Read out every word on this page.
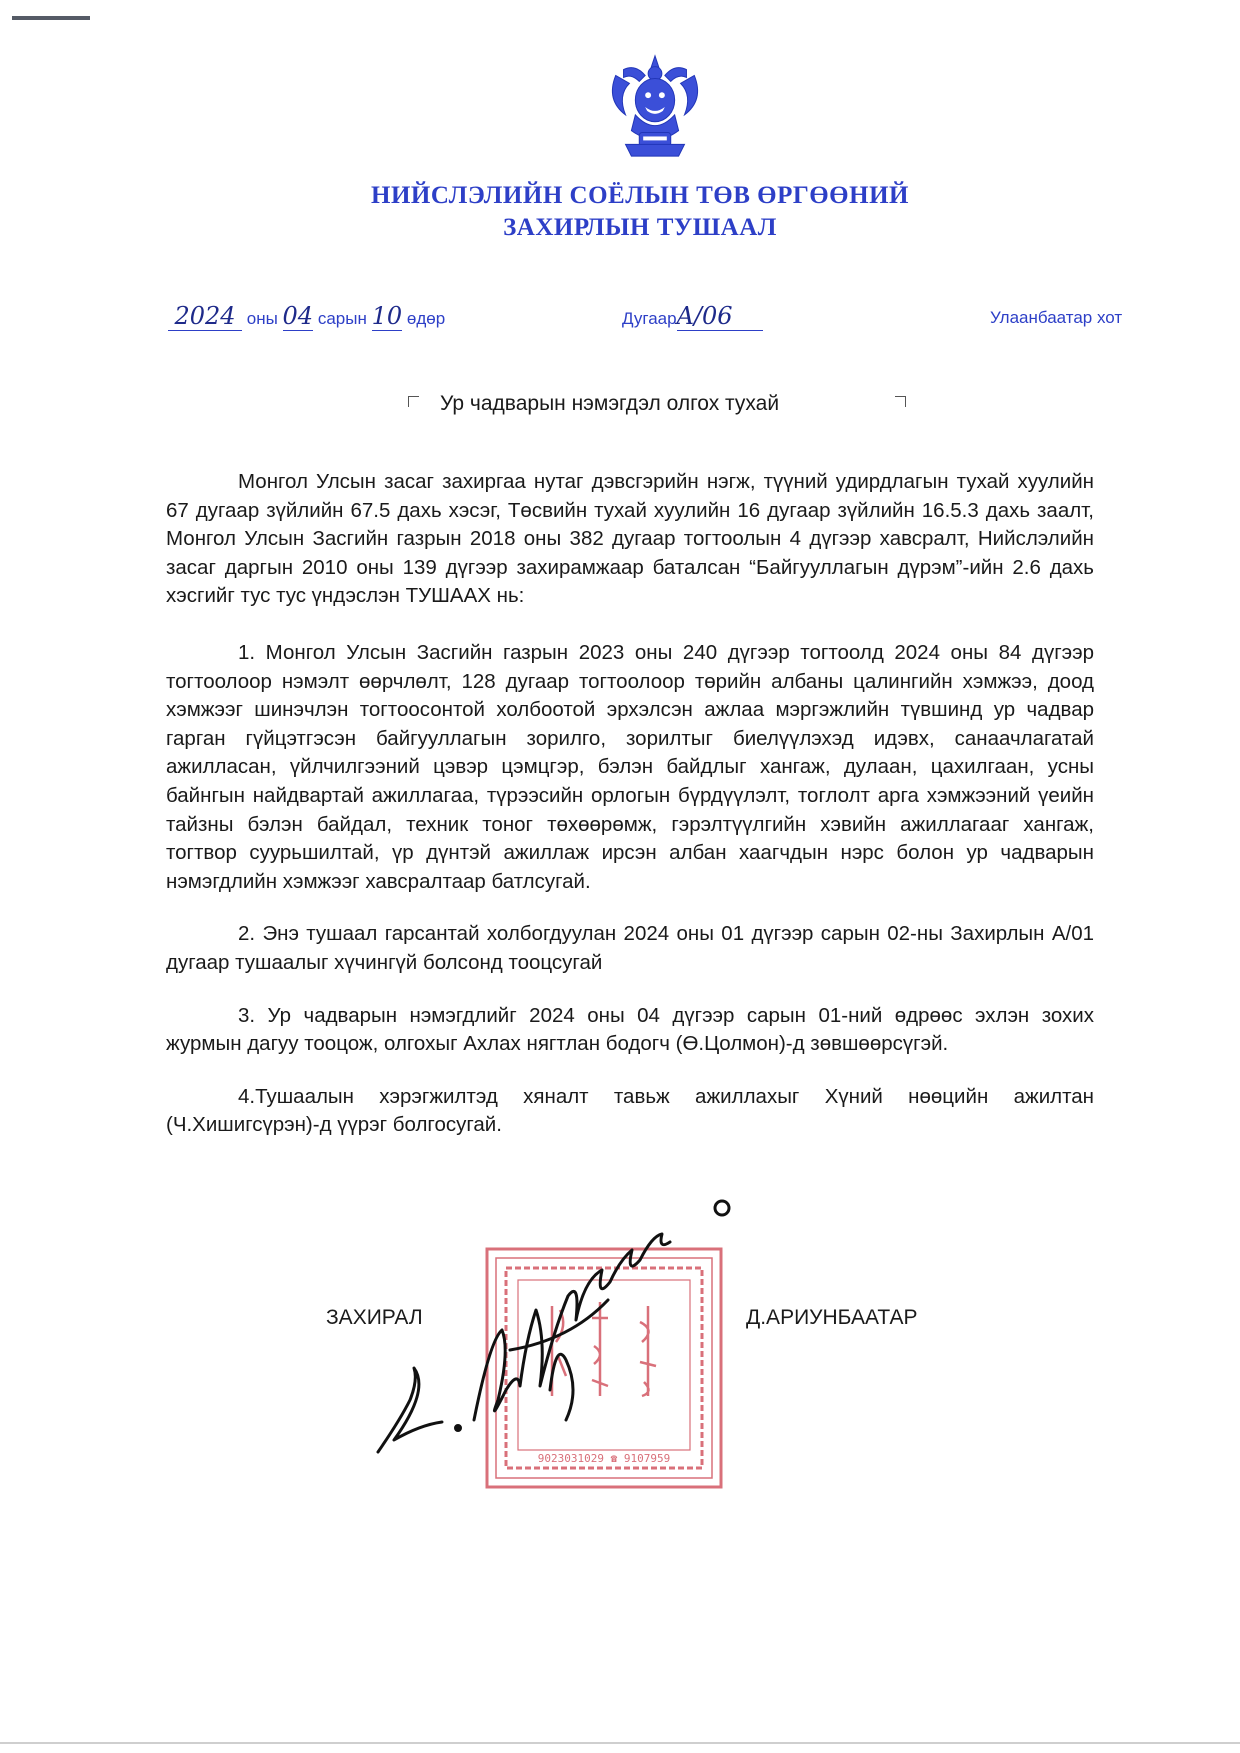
НИЙСЛЭЛИЙН СОЁЛЫН ТӨВ ӨРГӨӨНИЙ
ЗАХИРЛЫН ТУШААЛ
2024 оны 04 сарын 10 өдөр	ДугаарA/06	Улаанбаатар хот
Ур чадварын нэмэгдэл олгох тухай

Монгол Улсын засаг захиргаа нутаг дэвсгэрийн нэгж, түүний удирдлагын тухай хуулийн 67 дугаар зүйлийн 67.5 дахь хэсэг, Төсвийн тухай хуулийн 16 дугаар зүйлийн 16.5.3 дахь заалт, Монгол Улсын Засгийн газрын 2018 оны 382 дугаар тогтоолын 4 дүгээр хавсралт, Нийслэлийн засаг даргын 2010 оны 139 дүгээр захирамжаар баталсан “Байгууллагын дүрэм”-ийн 2.6 дахь хэсгийг тус тус үндэслэн ТУШААХ нь:

1. Монгол Улсын Засгийн газрын 2023 оны 240 дүгээр тогтоолд 2024 оны 84 дүгээр тогтоолоор нэмэлт өөрчлөлт, 128 дугаар тогтоолоор төрийн албаны цалингийн хэмжээ, доод хэмжээг шинэчлэн тогтоосонтой холбоотой эрхэлсэн ажлаа мэргэжлийн түвшинд ур чадвар гарган гүйцэтгэсэн байгууллагын зорилго, зорилтыг биелүүлэхэд идэвх, санаачлагатай ажилласан, үйлчилгээний цэвэр цэмцгэр, бэлэн байдлыг хангаж, дулаан, цахилгаан, усны байнгын найдвартай ажиллагаа, түрээсийн орлогын бүрдүүлэлт, тоглолт арга хэмжээний үеийн тайзны бэлэн байдал, техник тоног төхөөрөмж, гэрэлтүүлгийн хэвийн ажиллагааг хангаж, тогтвор суурьшилтай, үр дүнтэй ажиллаж ирсэн албан хаагчдын нэрс болон ур чадварын нэмэгдлийн хэмжээг хавсралтаар батлсугай.

2. Энэ тушаал гарсантай холбогдуулан 2024 оны 01 дүгээр сарын 02-ны Захирлын А/01 дугаар тушаалыг хүчингүй болсонд тооцсугай

3. Ур чадварын нэмэгдлийг 2024 оны 04 дүгээр сарын 01-ний өдрөөс эхлэн зохих журмын дагуу тооцож, олгохыг Ахлах нягтлан бодогч (Ө.Цолмон)-д зөвшөөрсүгэй.

4.Тушаалын хэрэгжилтэд хяналт тавьж ажиллахыг Хүний нөөцийн ажилтан (Ч.Хишигсүрэн)-д үүрэг болгосугай.

9023031029 ☎ 9107959
ЗАХИРАЛ	Д.АРИУНБААТАР
